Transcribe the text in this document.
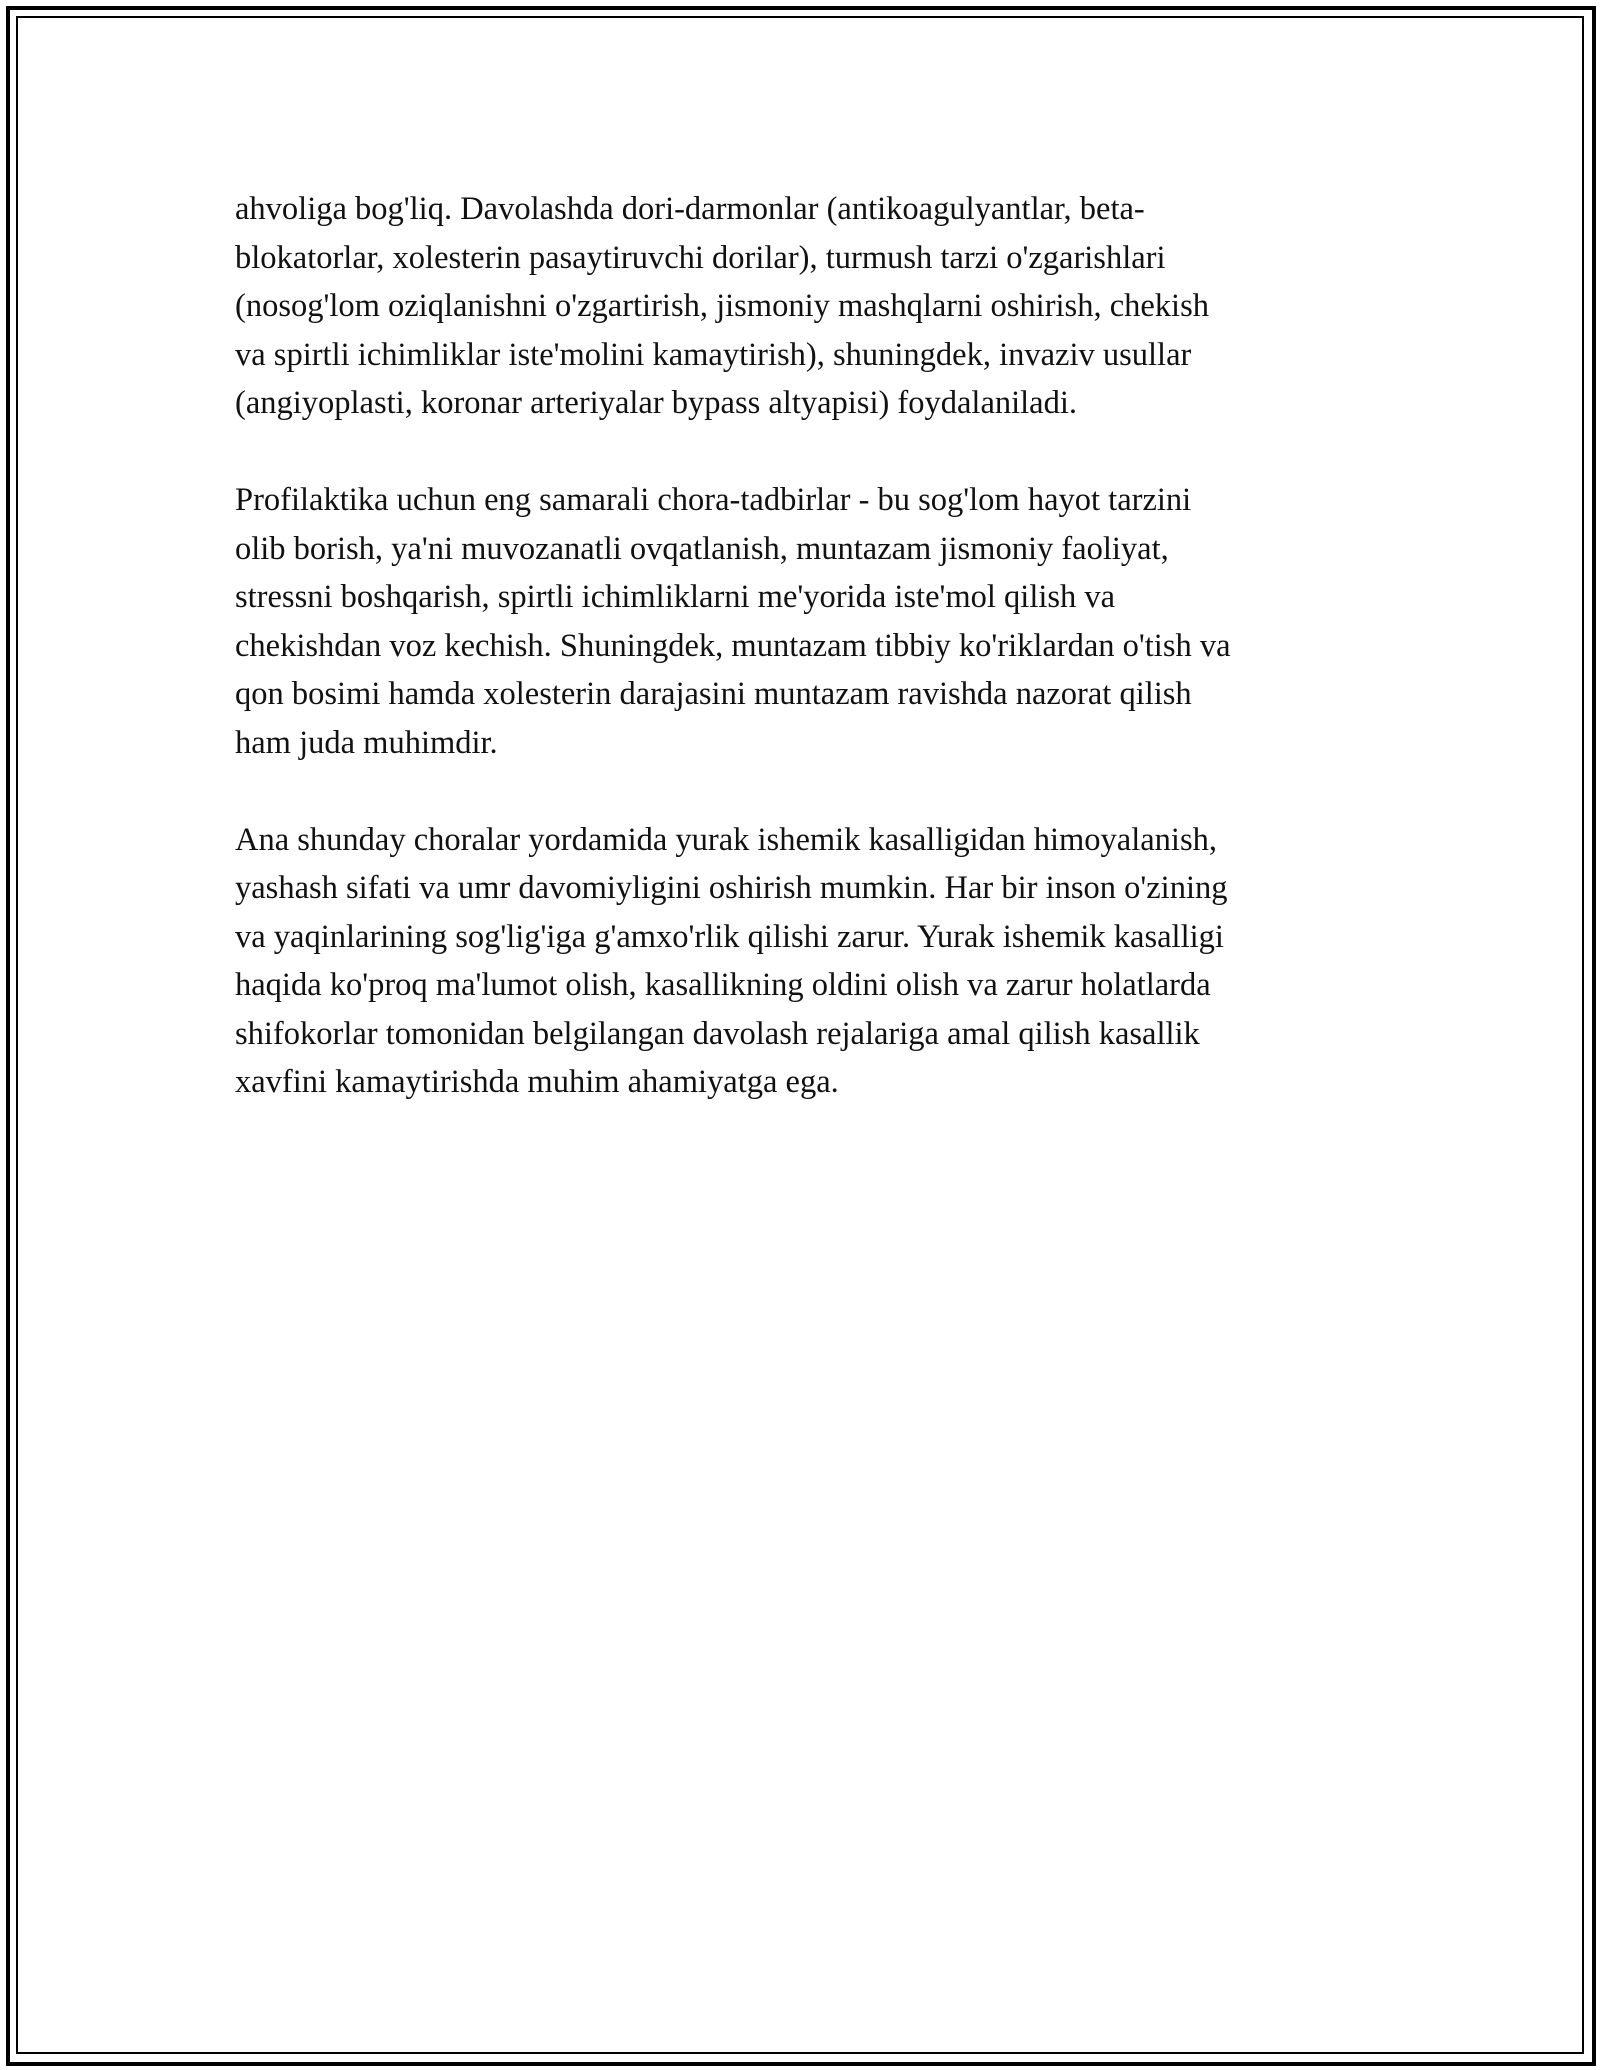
ahvoliga bog'liq. Davolashda dori-darmonlar (antikoagulyantlar, beta-
blokatorlar, xolesterin pasaytiruvchi dorilar), turmush tarzi o'zgarishlari
(nosog'lom oziqlanishni o'zgartirish, jismoniy mashqlarni oshirish, chekish
va spirtli ichimliklar iste'molini kamaytirish), shuningdek, invaziv usullar
(angiyoplasti, koronar arteriyalar bypass altyapisi) foydalaniladi.

Profilaktika uchun eng samarali chora-tadbirlar - bu sog'lom hayot tarzini
olib borish, ya'ni muvozanatli ovqatlanish, muntazam jismoniy faoliyat,
stressni boshqarish, spirtli ichimliklarni me'yorida iste'mol qilish va
chekishdan voz kechish. Shuningdek, muntazam tibbiy ko'riklardan o'tish va
qon bosimi hamda xolesterin darajasini muntazam ravishda nazorat qilish
ham juda muhimdir.

Ana shunday choralar yordamida yurak ishemik kasalligidan himoyalanish,
yashash sifati va umr davomiyligini oshirish mumkin. Har bir inson o'zining
va yaqinlarining sog'lig'iga g'amxo'rlik qilishi zarur. Yurak ishemik kasalligi
haqida ko'proq ma'lumot olish, kasallikning oldini olish va zarur holatlarda
shifokorlar tomonidan belgilangan davolash rejalariga amal qilish kasallik
xavfini kamaytirishda muhim ahamiyatga ega.
